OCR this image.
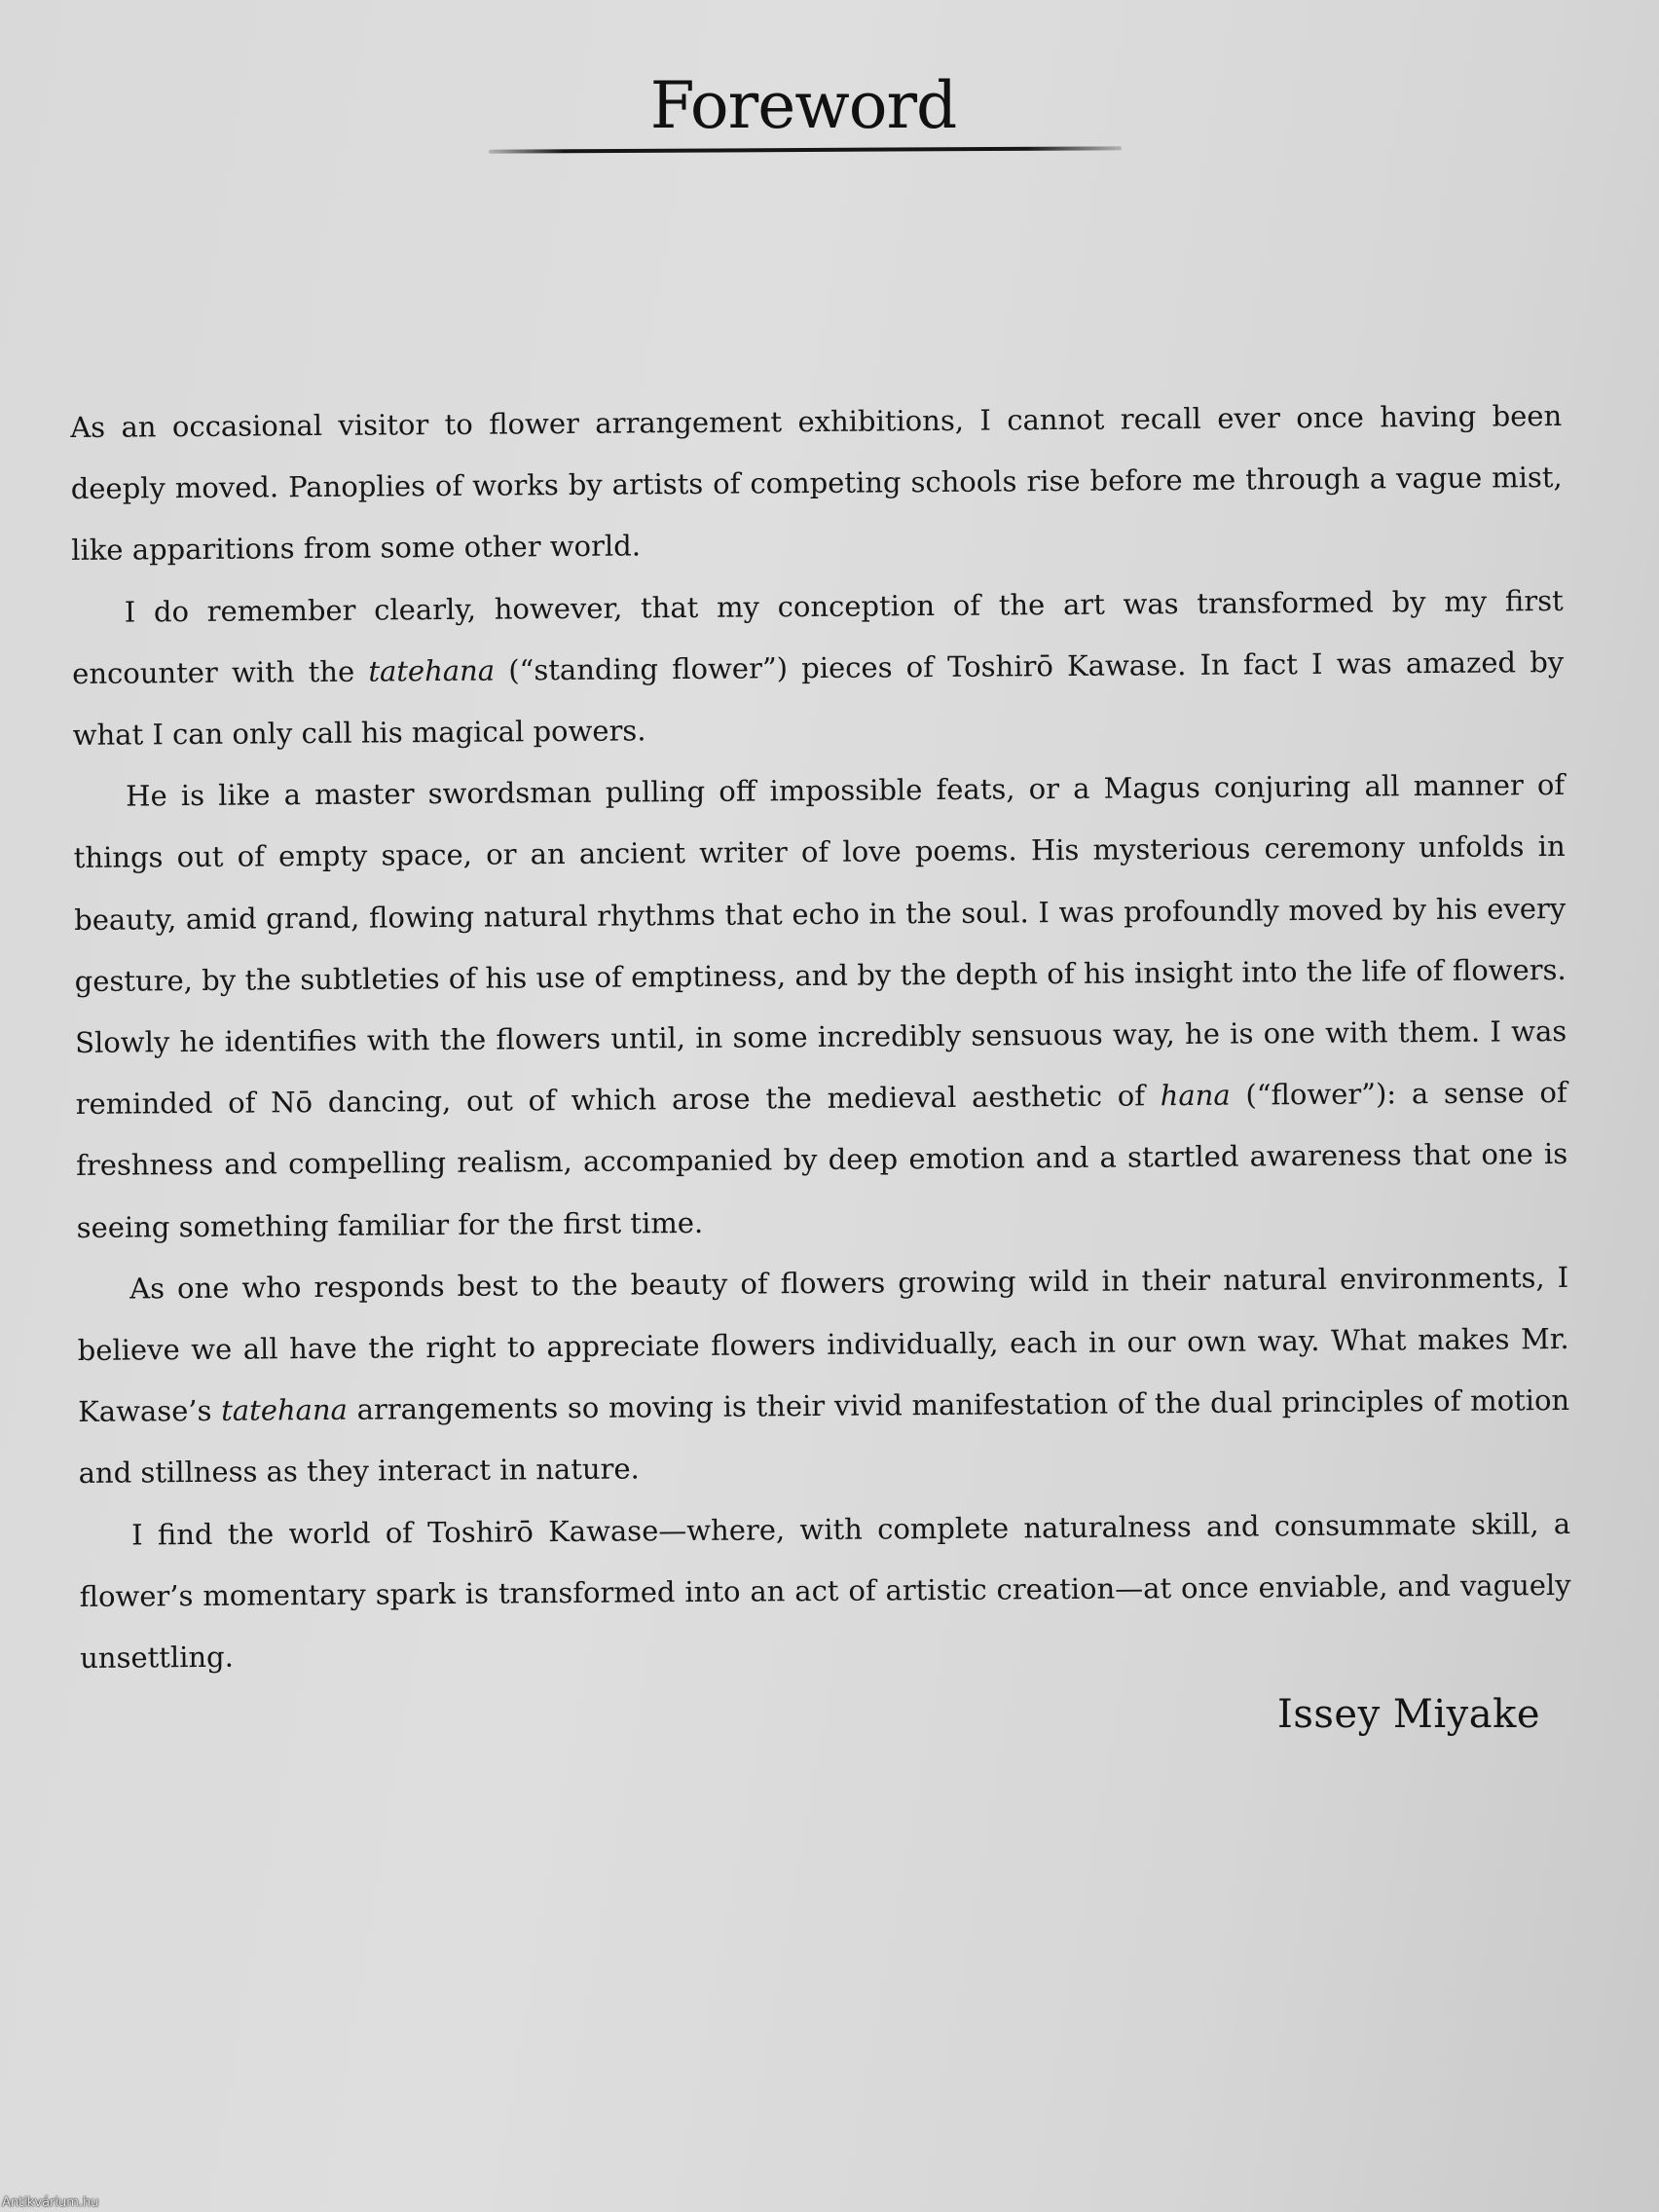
Foreword

As an occasional visitor to flower arrangement exhibitions, I cannot recall ever once having been deeply moved. Panoplies of works by artists of competing schools rise before me through a vague mist, like apparitions from some other world.

I do remember clearly, however, that my conception of the art was transformed by my first encounter with the tatehana (“standing flower”) pieces of Toshirō Kawase. In fact I was amazed by what I can only call his magical powers.

He is like a master swordsman pulling off impossible feats, or a Magus conjuring all manner of things out of empty space, or an ancient writer of love poems. His mysterious ceremony unfolds in beauty, amid grand, flowing natural rhythms that echo in the soul. I was profoundly moved by his every gesture, by the subtleties of his use of emptiness, and by the depth of his insight into the life of flowers. Slowly he identifies with the flowers until, in some incredibly sensuous way, he is one with them. I was reminded of Nō dancing, out of which arose the medieval aesthetic of hana (“flower”): a sense of freshness and compelling realism, accompanied by deep emotion and a startled awareness that one is seeing something familiar for the first time.

As one who responds best to the beauty of flowers growing wild in their natural environments, I believe we all have the right to appreciate flowers individually, each in our own way. What makes Mr. Kawase’s tatehana arrangements so moving is their vivid manifestation of the dual principles of motion and stillness as they interact in nature.

I find the world of Toshirō Kawase—where, with complete naturalness and consummate skill, a flower’s momentary spark is transformed into an act of artistic creation—at once enviable, and vaguely unsettling.

Issey Miyake
Antikvárium.hu
